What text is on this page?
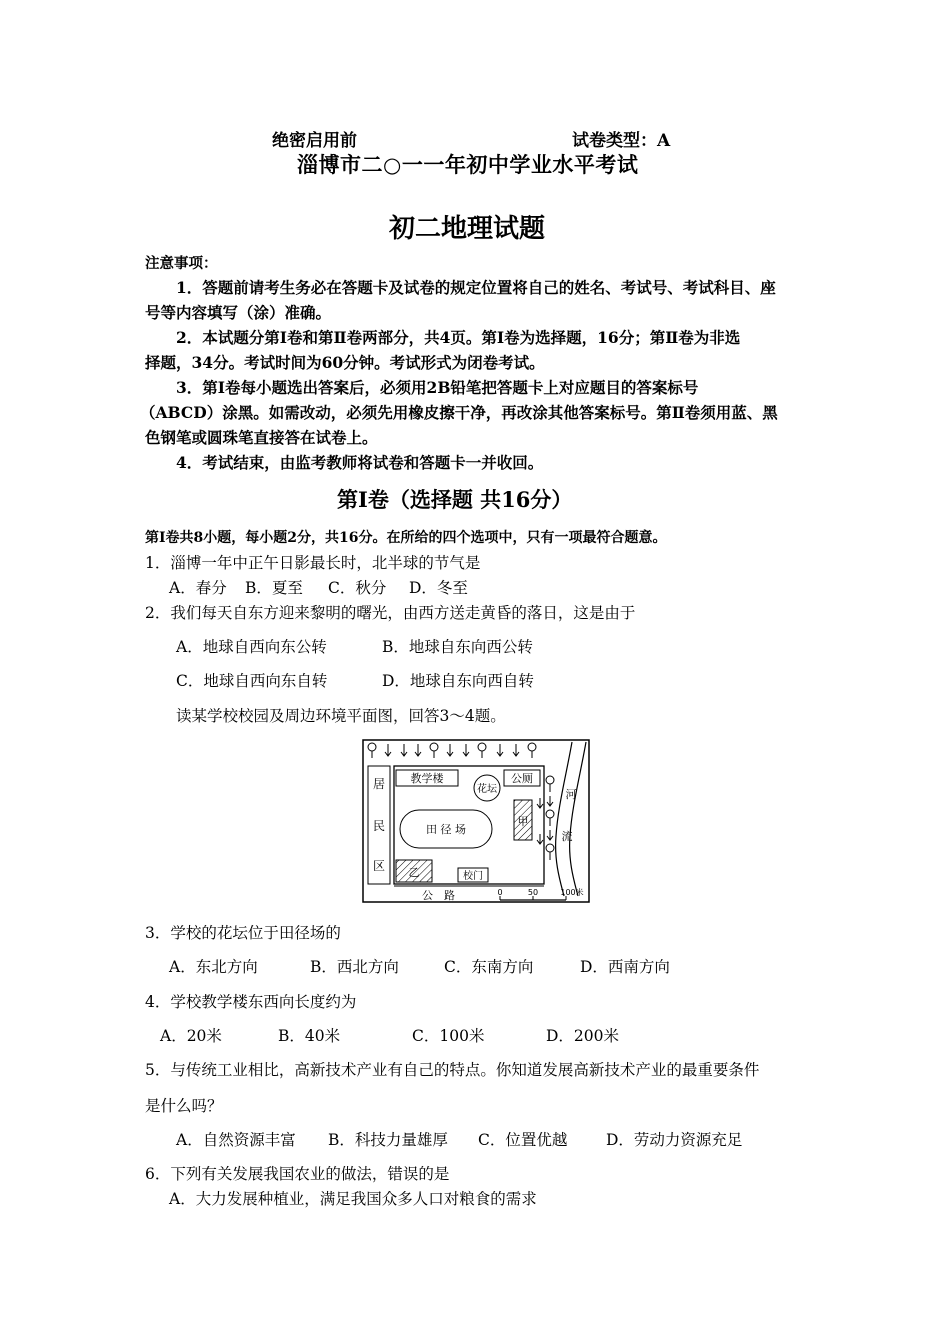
绝密启用前	试卷类型：A
淄博市二○一一年初中学业水平考试
初二地理试题
注意事项：
1．答题前请考生务必在答题卡及试卷的规定位置将自己的姓名、考试号、考试科目、座
号等内容填写（涂）准确。
2．本试题分第Ⅰ卷和第Ⅱ卷两部分，共4页。第Ⅰ卷为选择题，16分；第Ⅱ卷为非选
择题，34分。考试时间为60分钟。考试形式为闭卷考试。
3．第Ⅰ卷每小题选出答案后，必须用2B铅笔把答题卡上对应题目的答案标号
（ABCD）涂黑。如需改动，必须先用橡皮擦干净，再改涂其他答案标号。第Ⅱ卷须用蓝、黑
色钢笔或圆珠笔直接答在试卷上。
4．考试结束，由监考教师将试卷和答题卡一并收回。
第Ⅰ卷（选择题 共16分）
第Ⅰ卷共8小题，每小题2分，共16分。在所给的四个选项中，只有一项最符合题意。
1．淄博一年中正午日影最长时，北半球的节气是
A．春分 B．夏至 C．秋分 D．冬至
2．我们每天自东方迎来黎明的曙光，由西方送走黄昏的落日，这是由于
A．地球自西向东公转	B．地球自东向西公转
C．地球自西向东自转	D．地球自东向西自转
读某学校校园及周边环境平面图，回答3～4题。
居
民
区
教学楼
花坛
公厕
田 径 场
甲
乙	校门
河
流
公　路	0	50	100米
3．学校的花坛位于田径场的
A．东北方向	B．西北方向	C．东南方向	D．西南方向
4．学校教学楼东西向长度约为
A．20米	B．40米	C．100米	D．200米
5．与传统工业相比，高新技术产业有自己的特点。你知道发展高新技术产业的最重要条件
是什么吗？
A．自然资源丰富 B．科技力量雄厚 C．位置优越 D．劳动力资源充足
6．下列有关发展我国农业的做法，错误的是
A．大力发展种植业，满足我国众多人口对粮食的需求
